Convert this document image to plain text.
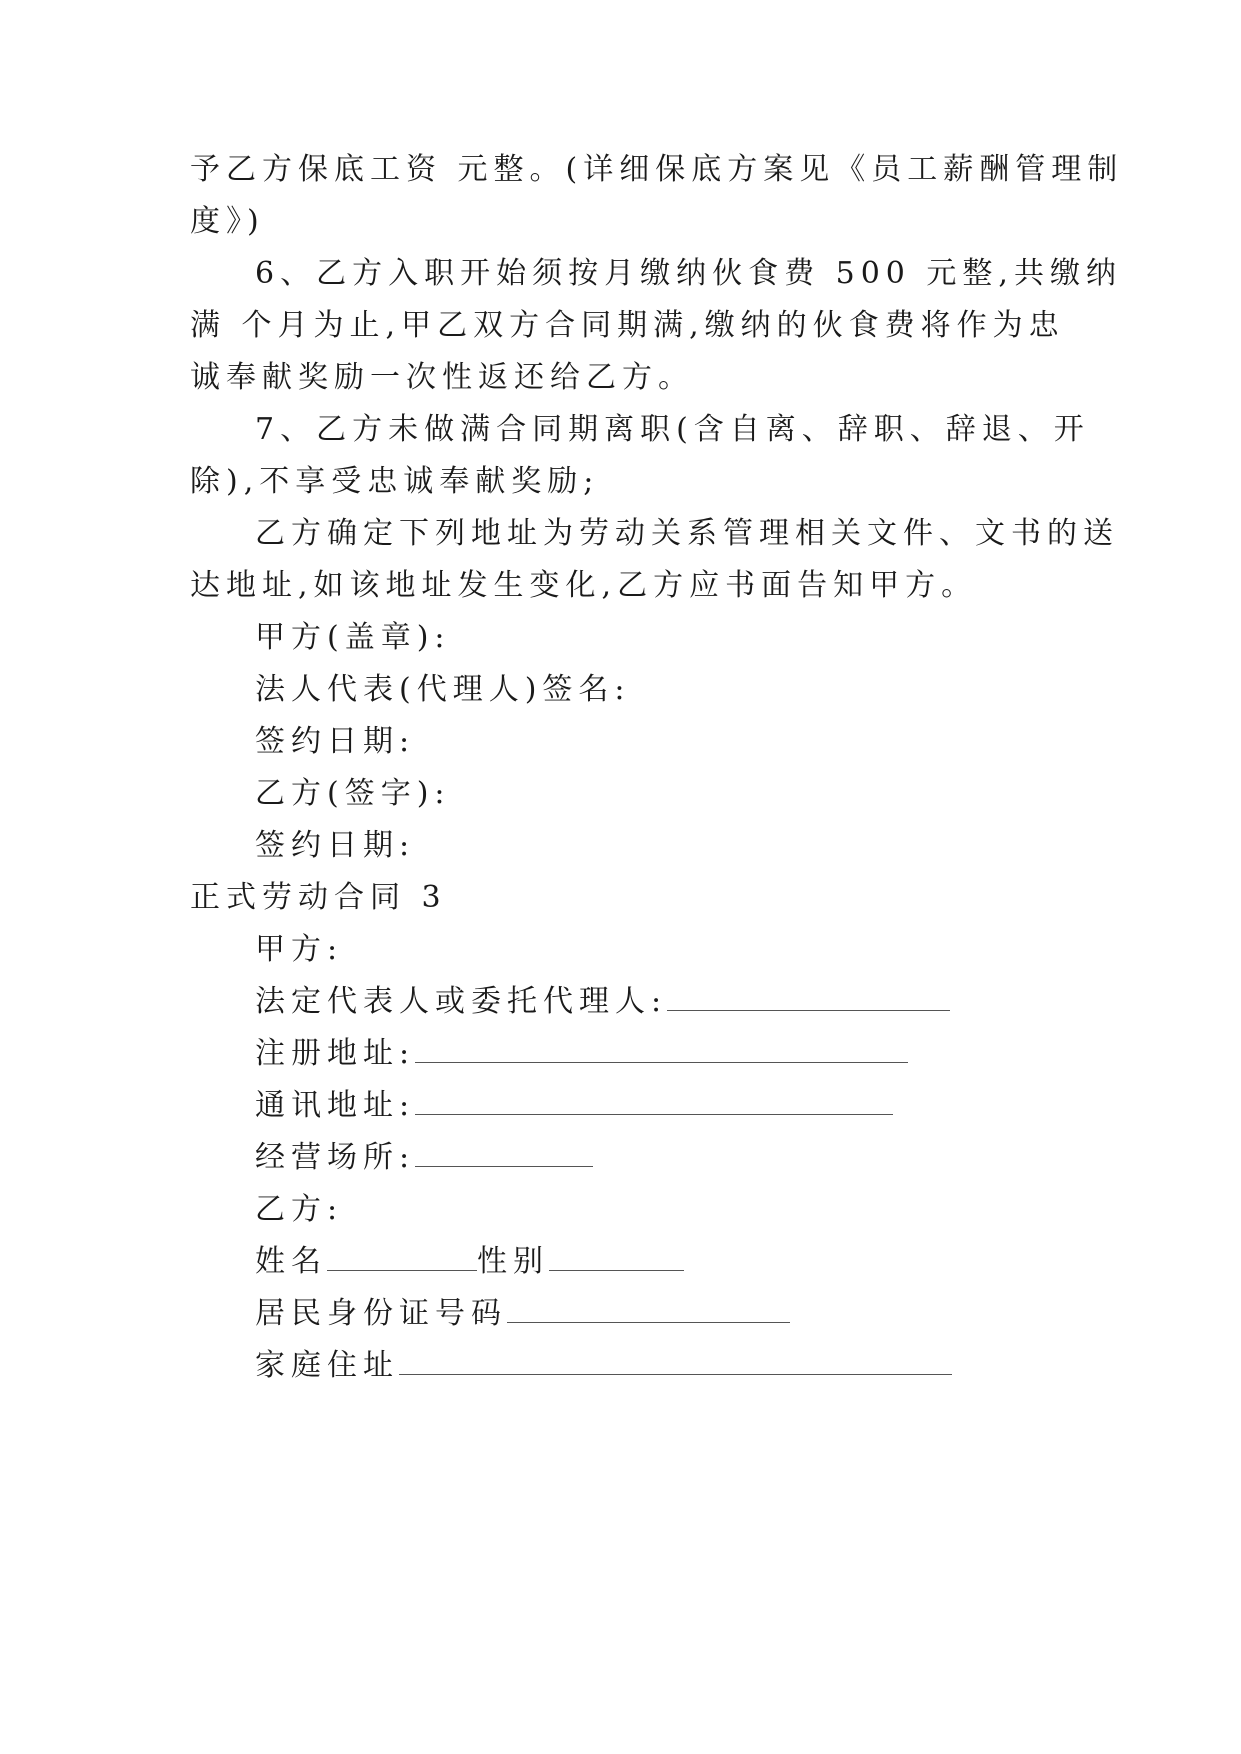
予乙方保底工资 元整。(详细保底方案见《员工薪酬管理制
度》)
6、乙方入职开始须按月缴纳伙食费 500 元整,共缴纳
满 个月为止,甲乙双方合同期满,缴纳的伙食费将作为忠
诚奉献奖励一次性返还给乙方。
7、乙方未做满合同期离职(含自离、辞职、辞退、开
除),不享受忠诚奉献奖励;
乙方确定下列地址为劳动关系管理相关文件、文书的送
达地址,如该地址发生变化,乙方应书面告知甲方。
甲方(盖章):
法人代表(代理人)签名:
签约日期:
乙方(签字):
签约日期:
正式劳动合同 3
甲方:
法定代表人或委托代理人:
注册地址:
通讯地址:
经营场所:
乙方:
姓名	性别
居民身份证号码
家庭住址
